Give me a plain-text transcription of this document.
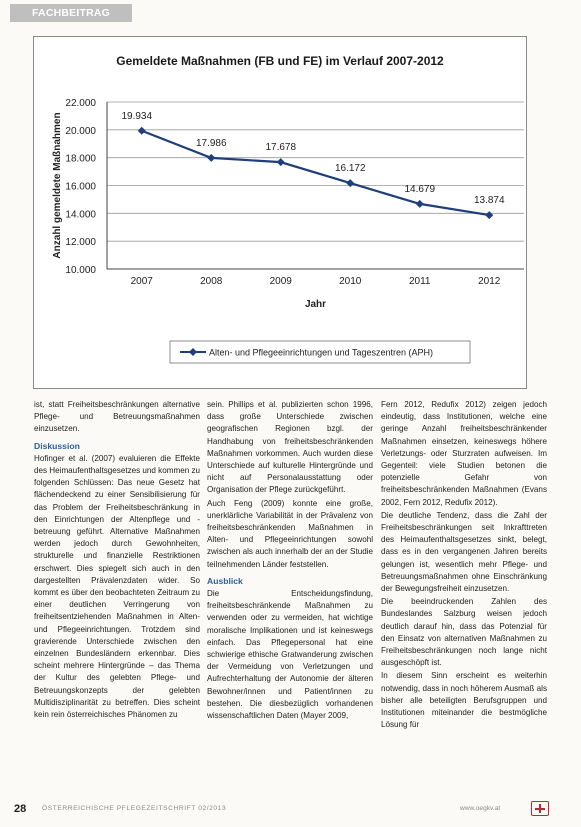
FACHBEITRAG
Gemeldete Maßnahmen (FB und FE) im Verlauf 2007-2012
10.000
12.000
14.000
16.000
18.000
20.000
22.000
2007	2008	2009	2010	2011	2012
Jahr
Anzahl gemeldete Maßnahmen	19.934
17.986	17.678
16.172
14.679
13.874
Alten- und Pflegeeinrichtungen und Tageszentren (APH)

ist, statt Freiheitsbeschränkungen alternative Pflege- und Betreuungsmaßnahmen einzusetzen.

Diskussion

Hofinger et al. (2007) evaluieren die Effekte des Heimaufenthaltsgesetzes und kommen zu folgenden Schlüssen: Das neue Gesetz hat flächendeckend zu einer Sensibilisierung für das Problem der Freiheitsbeschränkung in den Einrichtungen der Altenpflege und -betreuung geführt. Alternative Maßnahmen werden jedoch durch Gewohnheiten, strukturelle und finanzielle Restriktionen erschwert. Dies spiegelt sich auch in den dargestellten Prävalenzdaten wider. So kommt es über den beobachteten Zeitraum zu einer deutlichen Verringerung von freiheitsentziehenden Maßnahmen in Alten- und Pflegeeinrichtungen. Trotzdem sind gravierende Unterschiede zwischen den einzelnen Bundesländern erkennbar. Dies scheint mehrere Hintergründe – das Thema der Kultur des gelebten Pflege- und Betreuungskonzepts der gelebten Multidisziplinarität zu betreffen. Dies scheint kein rein österreichisches Phänomen zu

sein. Phillips et al. publizierten schon 1996, dass große Unterschiede zwischen geografischen Regionen bzgl. der Handhabung von freiheitsbeschränkenden Maßnahmen vorkommen. Auch wurden diese Unterschiede auf kulturelle Hintergründe und nicht auf Personalausstattung oder Organisation der Pflege zurückgeführt.

Auch Feng (2009) konnte eine große, unerklärliche Variabilität in der Prävalenz von freiheitsbeschränkenden Maßnahmen in Alten- und Pflegeeinrichtungen sowohl zwischen als auch innerhalb der an der Studie teilnehmenden Länder feststellen.

Ausblick

Die Entscheidungsfindung, freiheitsbeschränkende Maßnahmen zu verwenden oder zu vermeiden, hat wichtige moralische Implikationen und ist keineswegs einfach. Das Pflegepersonal hat eine schwierige ethische Gratwanderung zwischen der Vermeidung von Verletzungen und Aufrechterhaltung der Autonomie der älteren Bewohner/innen und Patient/innen zu bestehen. Die diesbezüglich vorhandenen wissenschaftlichen Daten (Mayer 2009,

Fern 2012, Redufix 2012) zeigen jedoch eindeutig, dass Institutionen, welche eine geringe Anzahl freiheitsbeschränkender Maßnahmen einsetzen, keineswegs höhere Verletzungs- oder Sturzraten aufweisen. Im Gegenteil: viele Studien betonen die potenzielle Gefahr von freiheitsbeschränkenden Maßnahmen (Evans 2002, Fern 2012, Redufix 2012).

Die deutliche Tendenz, dass die Zahl der Freiheitsbeschränkungen seit Inkrafttreten des Heimaufenthaltsgesetzes sinkt, belegt, dass es in den vergangenen Jahren bereits gelungen ist, wesentlich mehr Pflege- und Betreuungsmaßnahmen ohne Einschränkung der Bewegungsfreiheit einzusetzen.

Die beeindruckenden Zahlen des Bundeslandes Salzburg weisen jedoch deutlich darauf hin, dass das Potenzial für den Einsatz von alternativen Maßnahmen zu Freiheitsbeschränkungen noch lange nicht ausgeschöpft ist.

In diesem Sinn erscheint es weiterhin notwendig, dass in noch höherem Ausmaß als bisher alle beteiligten Berufsgruppen und Institutionen miteinander die bestmögliche Lösung für

28 ÖSTERREICHISCHE PFLEGEZEITSCHRIFT 02/2013	www.oegkv.at
